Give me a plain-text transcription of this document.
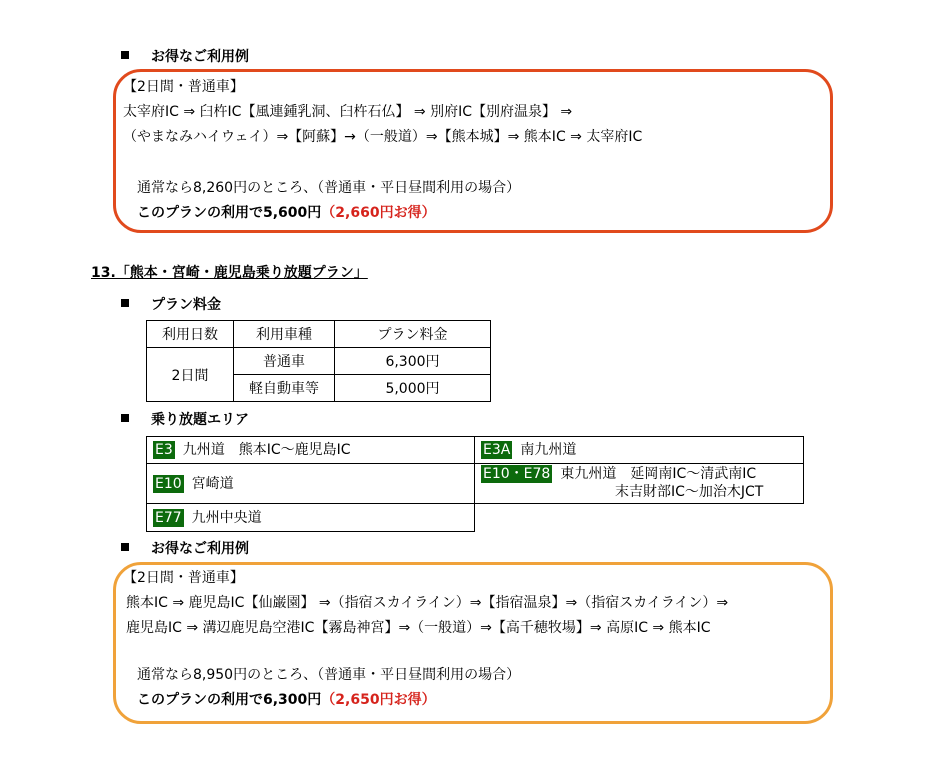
お得なご利用例
【2日間・普通車】
太宰府IC ⇒ 臼杵IC【風連鍾乳洞、臼杵石仏】 ⇒ 別府IC【別府温泉】 ⇒
（やまなみハイウェイ）⇒【阿蘇】→（一般道）⇒【熊本城】⇒ 熊本IC ⇒ 太宰府IC
通常なら8,260円のところ、（普通車・平日昼間利用の場合）
このプランの利用で5,600円（2,660円お得）
13.「熊本・宮崎・鹿児島乗り放題プラン」
プラン料金
利用日数	利用車種	プラン料金
2日間	普通車	6,300円
	軽自動車等	5,000円
乗り放題エリア
E3 九州道　熊本IC～鹿児島IC	E3A 南九州道

E10 宮崎道	E10・E78 東九州道　延岡南IC～清武南IC
末吉財部IC～加治木JCT

E77 九州中央道	

お得なご利用例
【2日間・普通車】
熊本IC ⇒ 鹿児島IC【仙巌園】 ⇒（指宿スカイライン）⇒【指宿温泉】⇒（指宿スカイライン）⇒
鹿児島IC ⇒ 溝辺鹿児島空港IC【霧島神宮】⇒（一般道）⇒【高千穂牧場】⇒ 高原IC ⇒ 熊本IC
通常なら8,950円のところ、（普通車・平日昼間利用の場合）
このプランの利用で6,300円（2,650円お得）
